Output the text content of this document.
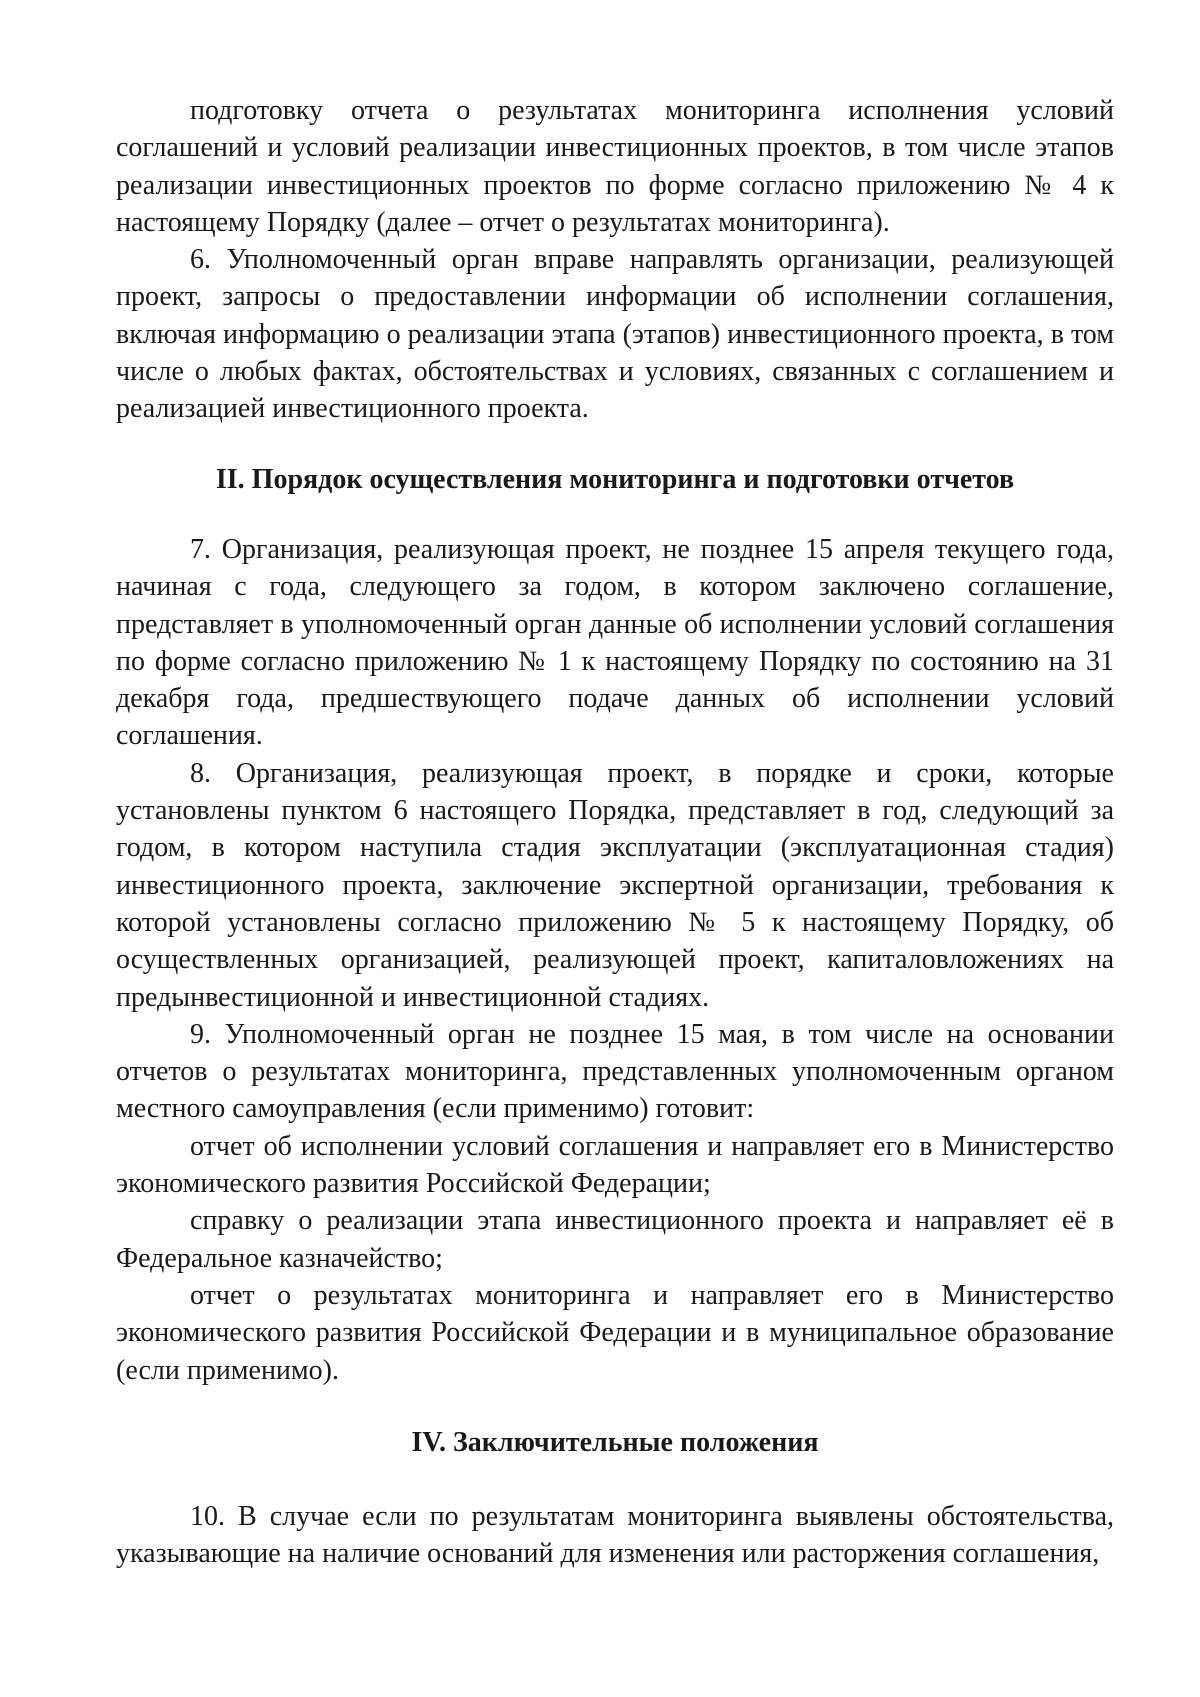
подготовку отчета о результатах мониторинга исполнения условий соглашений и условий реализации инвестиционных проектов, в том числе этапов реализации инвестиционных проектов по форме согласно приложению № 4 к настоящему Порядку (далее – отчет о результатах мониторинга).

6. Уполномоченный орган вправе направлять организации, реализующей проект, запросы о предоставлении информации об исполнении соглашения, включая информацию о реализации этапа (этапов) инвестиционного проекта, в том числе о любых фактах, обстоятельствах и условиях, связанных с соглашением и реализацией инвестиционного проекта.

II. Порядок осуществления мониторинга и подготовки отчетов

7. Организация, реализующая проект, не позднее 15 апреля текущего года, начиная с года, следующего за годом, в котором заключено соглашение, представляет в уполномоченный орган данные об исполнении условий соглашения по форме согласно приложению № 1 к настоящему Порядку по состоянию на 31 декабря года, предшествующего подаче данных об исполнении условий соглашения.

8. Организация, реализующая проект, в порядке и сроки, которые установлены пунктом 6 настоящего Порядка, представляет в год, следующий за годом, в котором наступила стадия эксплуатации (эксплуатационная стадия) инвестиционного проекта, заключение экспертной организации, требования к которой установлены согласно приложению № 5 к настоящему Порядку, об осуществленных организацией, реализующей проект, капиталовложениях на предынвестиционной и инвестиционной стадиях.

9. Уполномоченный орган не позднее 15 мая, в том числе на основании отчетов о результатах мониторинга, представленных уполномоченным органом местного самоуправления (если применимо) готовит:

отчет об исполнении условий соглашения и направляет его в Министерство экономического развития Российской Федерации;

справку о реализации этапа инвестиционного проекта и направляет её в Федеральное казначейство;

отчет о результатах мониторинга и направляет его в Министерство экономического развития Российской Федерации и в муниципальное образование (если применимо).

IV. Заключительные положения

10. В случае если по результатам мониторинга выявлены обстоятельства, указывающие на наличие оснований для изменения или расторжения соглашения,
